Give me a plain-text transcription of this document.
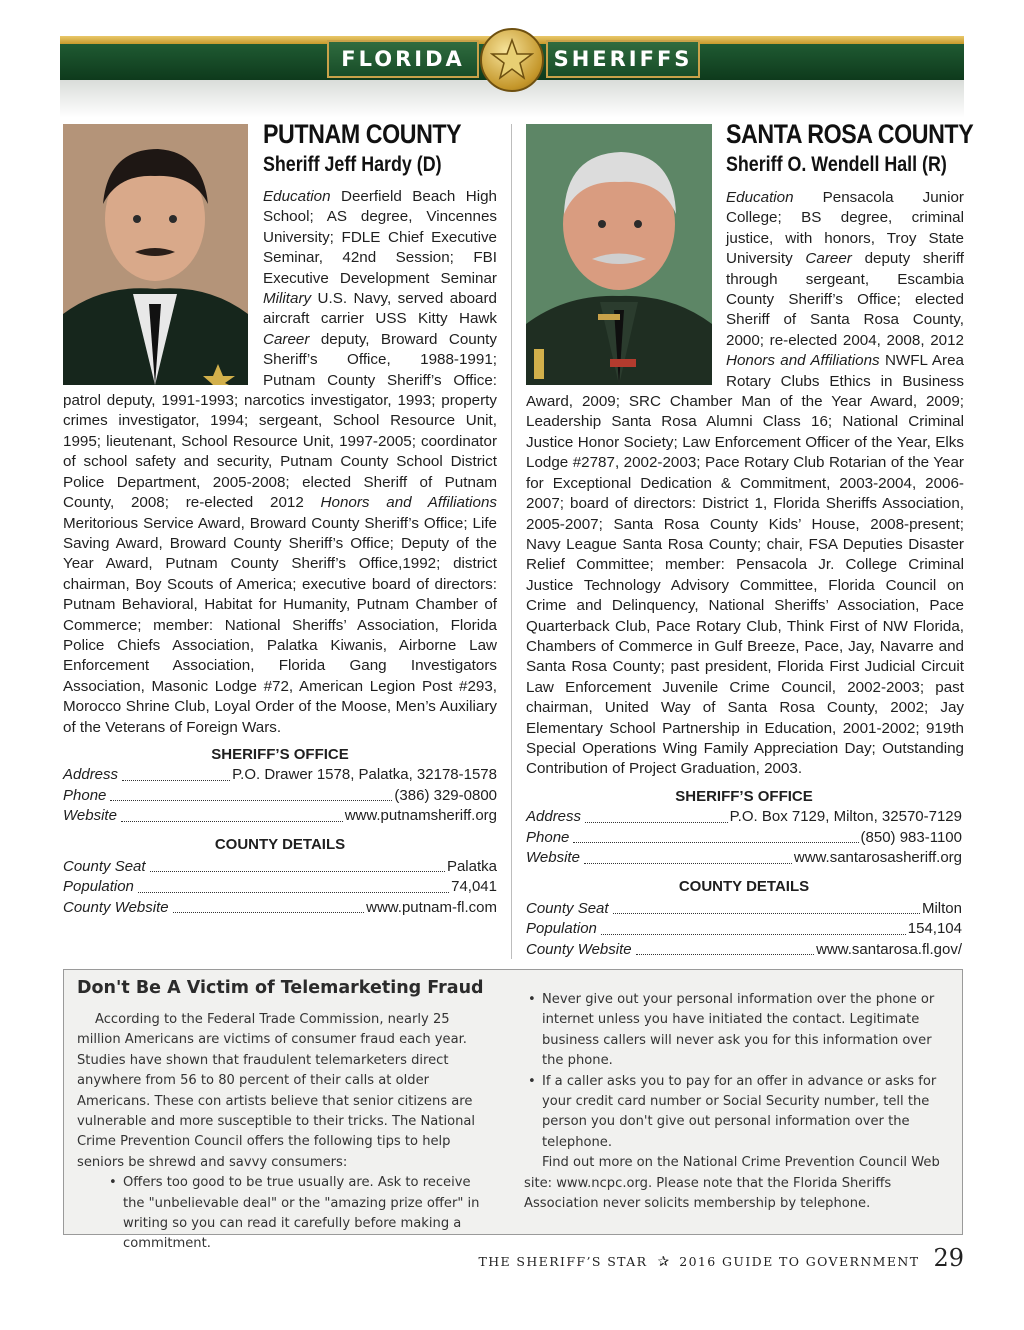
FLORIDA	SHERIFFS
PUTNAM COUNTY
Sheriff Jeff Hardy (D)
Education Deerfield Beach High School; AS degree, Vincennes University; FDLE Chief Executive Seminar, 42nd Session; FBI Executive Development Seminar Military U.S. Navy, served aboard aircraft carrier USS Kitty Hawk Career deputy, Broward County Sheriff’s Office, 1988-1991; Putnam County Sheriff’s Office: patrol deputy, 1991-1993; narcotics investigator, 1993; property crimes investigator, 1994; sergeant, School Resource Unit, 1995; lieutenant, School Resource Unit, 1997-2005; coordinator of school safety and security, Putnam County School District Police Department, 2005-2008; elected Sheriff of Putnam County, 2008; re-elected 2012 Honors and Affiliations Meritorious Service Award, Broward County Sheriff’s Office; Life Saving Award, Broward County Sheriff’s Office; Deputy of the Year Award, Putnam County Sheriff’s Office,1992; district chairman, Boy Scouts of America; executive board of directors: Putnam Behavioral, Habitat for Humanity, Putnam Chamber of Commerce; member: National Sheriffs’ Association, Florida Police Chiefs Association, Palatka Kiwanis, Airborne Law Enforcement Association, Florida Gang Investigators Association, Masonic Lodge #72, American Legion Post #293, Morocco Shrine Club, Loyal Order of the Moose, Men’s Auxiliary of the Veterans of Foreign Wars.
SHERIFF’S OFFICE
Address	P.O. Drawer 1578, Palatka, 32178-1578
Phone	(386) 329-0800
Website	www.putnamsheriff.org
COUNTY DETAILS
County Seat	Palatka
Population	74,041
County Website	www.putnam-fl.com
SANTA ROSA COUNTY
Sheriff O. Wendell Hall (R)
Education Pensacola Junior College; BS degree, criminal justice, with honors, Troy State University Career deputy sheriff through sergeant, Escambia County Sheriff’s Office; elected Sheriff of Santa Rosa County, 2000; re-elected 2004, 2008, 2012 Honors and Affiliations NWFL Area Rotary Clubs Ethics in Business Award, 2009; SRC Chamber Man of the Year Award, 2009; Leadership Santa Rosa Alumni Class 16; National Criminal Justice Honor Society; Law Enforcement Officer of the Year, Elks Lodge #2787, 2002-2003; Pace Rotary Club Rotarian of the Year for Exceptional Dedication & Commitment, 2003-2004, 2006-2007; board of directors: District 1, Florida Sheriffs Association, 2005-2007; Santa Rosa County Kids’ House, 2008-present; Navy League Santa Rosa County; chair, FSA Deputies Disaster Relief Committee; member: Pensacola Jr. College Criminal Justice Technology Advisory Committee, Florida Council on Crime and Delinquency, National Sheriffs’ Association, Pace Quarterback Club, Pace Rotary Club, Think First of NW Florida, Chambers of Commerce in Gulf Breeze, Pace, Jay, Navarre and Santa Rosa County; past president, Florida First Judicial Circuit Law Enforcement Juvenile Crime Council, 2002-2003; past chairman, United Way of Santa Rosa County, 2002; Jay Elementary School Partnership in Education, 2001-2002; 919th Special Operations Wing Family Appreciation Day; Outstanding Contribution of Project Graduation, 2003.
SHERIFF’S OFFICE
Address	P.O. Box 7129, Milton, 32570-7129
Phone	(850) 983-1100
Website	www.santarosasheriff.org
COUNTY DETAILS
County Seat	Milton
Population	154,104
County Website	www.santarosa.fl.gov/
Don't Be A Victim of Telemarketing Fraud
According to the Federal Trade Commission, nearly 25 million Americans are victims of consumer fraud each year. Studies have shown that fraudulent telemarketers direct anywhere from 56 to 80 percent of their calls at older Americans. These con artists believe that senior citizens are vulnerable and more susceptible to their tricks. The National Crime Prevention Council offers the following tips to help seniors be shrewd and savvy consumers:
• Offers too good to be true usually are. Ask to receive the "unbelievable deal" or the "amazing prize offer" in writing so you can read it carefully before making a commitment.
• Never give out your personal information over the phone or internet unless you have initiated the contact. Legitimate business callers will never ask you for this information over the phone.
• If a caller asks you to pay for an offer in advance or asks for your credit card number or Social Security number, tell the person you don't give out personal information over the telephone.
Find out more on the National Crime Prevention Council Web site: www.ncpc.org. Please note that the Florida Sheriffs Association never solicits membership by telephone.
THE SHERIFF’S STAR ✰ 2016 GUIDE TO GOVERNMENT 29
